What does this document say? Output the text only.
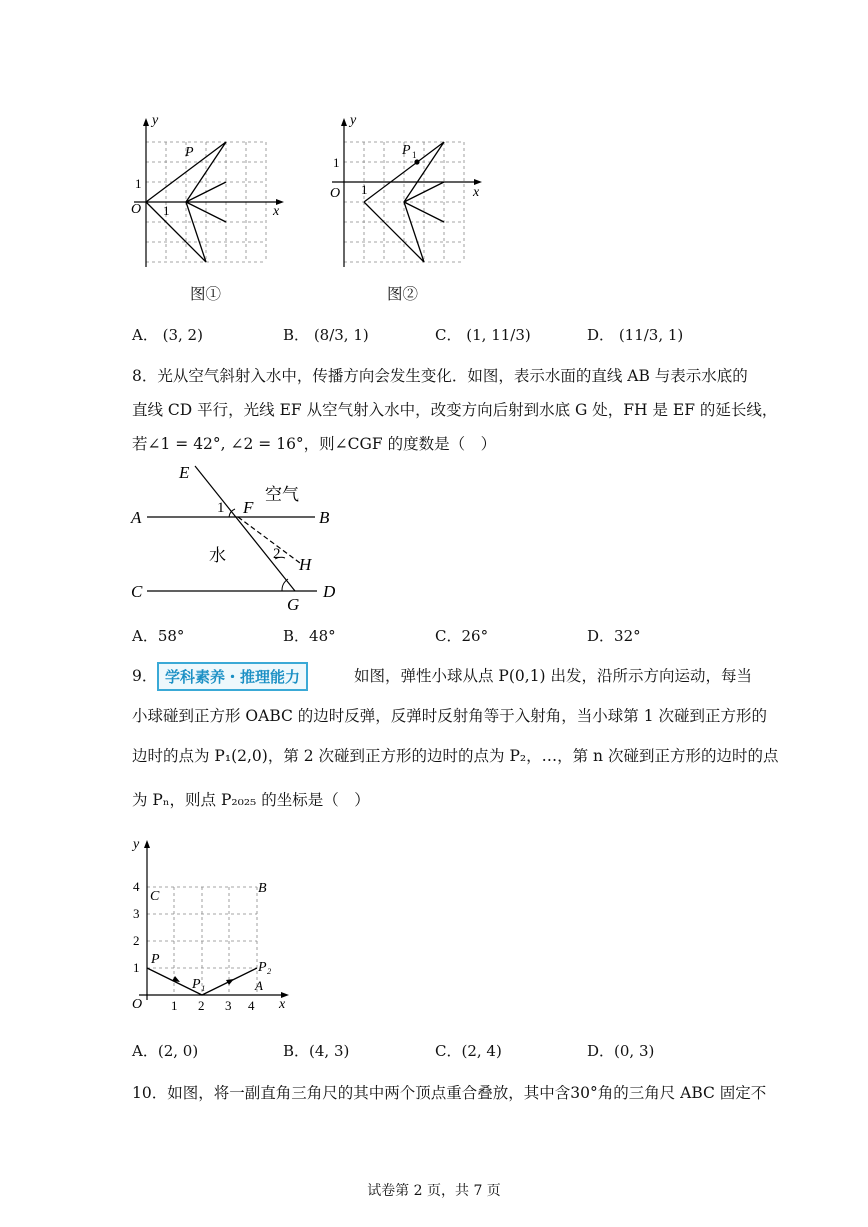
y
x
O
1
1
P
图①
y
x
O
1
1
P 1
图②
A． (3, 2)	B． (8/3, 1)	C． (1, 11/3)	D． (11/3, 1)
8．光从空气斜射入水中，传播方向会发生变化．如图，表示水面的直线 AB 与表示水底的
直线 CD 平行，光线 EF 从空气射入水中，改变方向后射到水底 G 处，FH 是 EF 的延长线，
若∠1 = 42°, ∠2 = 16°，则∠CGF 的度数是（　）
E
F
A	B
C	D
G
H
空气
水
1
2
A．58°	B．48°	C．26°	D．32°
9． 学科素养・推理能力	如图，弹性小球从点 P(0,1) 出发，沿所示方向运动，每当
小球碰到正方形 OABC 的边时反弹，反弹时反射角等于入射角，当小球第 1 次碰到正方形的
边时的点为 P₁(2,0)，第 2 次碰到正方形的边时的点为 P₂，…，第 n 次碰到正方形的边时的点
为 Pₙ，则点 P₂₀₂₅ 的坐标是（　）
y
x
O
C
B
A
P
P₁
P₂
1
2
3
4
1 2 3 4
A．(2, 0)	B．(4, 3)	C．(2, 4)	D．(0, 3)
10．如图，将一副直角三角尺的其中两个顶点重合叠放，其中含30°角的三角尺 ABC 固定不
试卷第 2 页，共 7 页
